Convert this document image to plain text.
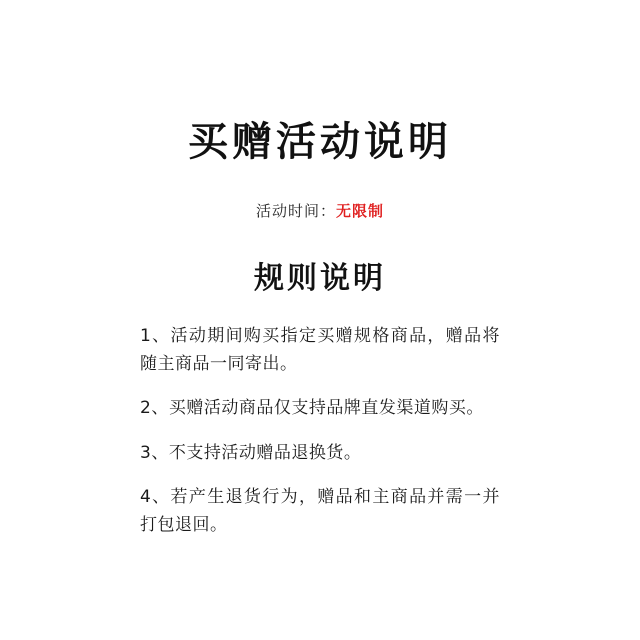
买赠活动说明
活动时间：无限制
规则说明

1、活动期间购买指定买赠规格商品，赠品将随主商品一同寄出。

2、买赠活动商品仅支持品牌直发渠道购买。

3、不支持活动赠品退换货。

4、若产生退货行为，赠品和主商品并需一并打包退回。
